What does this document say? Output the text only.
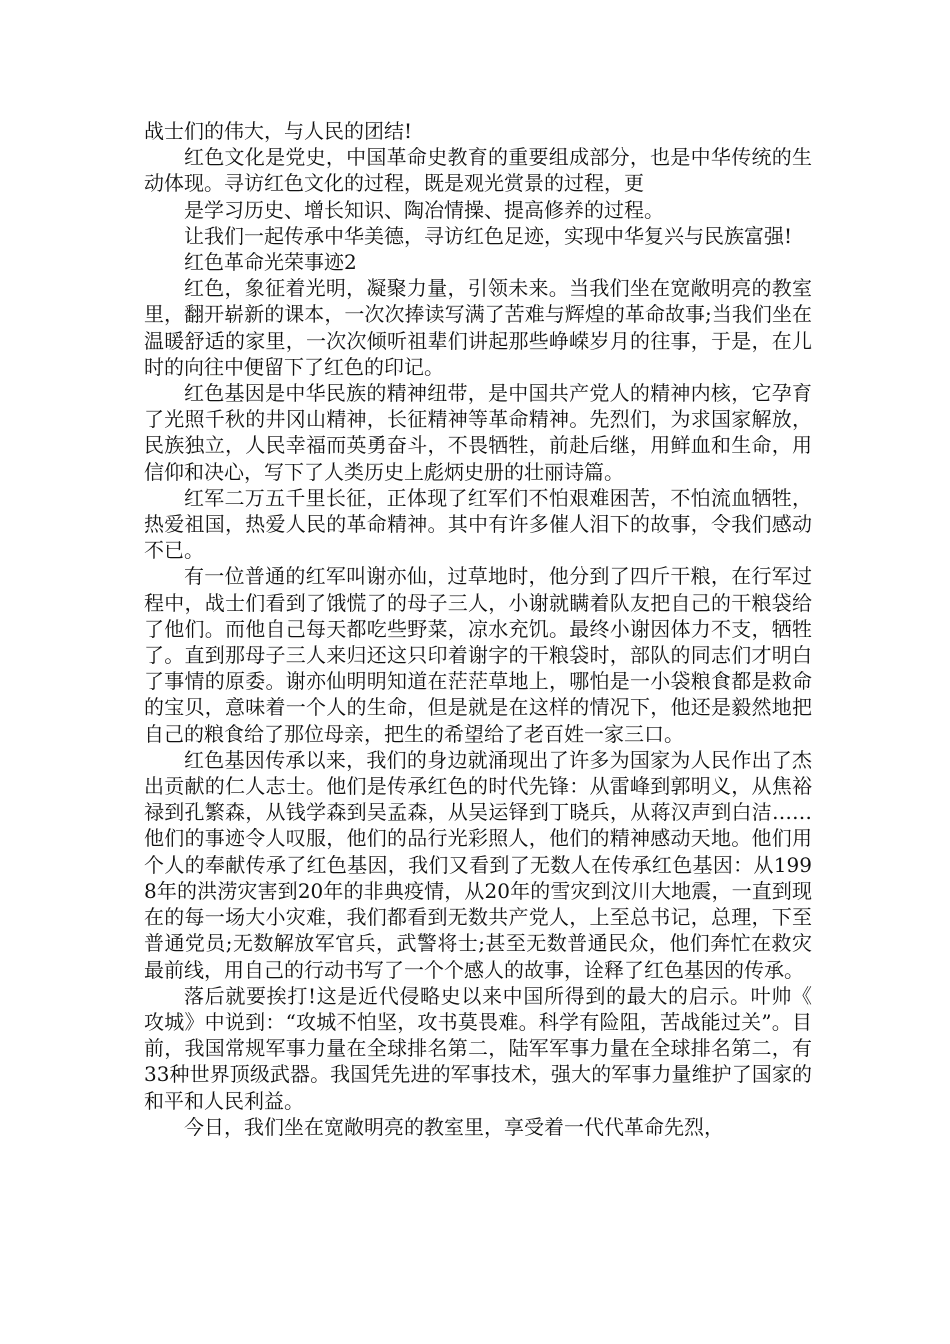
战士们的伟大，与人民的团结!

红色文化是党史，中国革命史教育的重要组成部分，也是中华传统的生动体现。寻访红色文化的过程，既是观光赏景的过程，更

是学习历史、增长知识、陶冶情操、提高修养的过程。

让我们一起传承中华美德，寻访红色足迹，实现中华复兴与民族富强!

红色革命光荣事迹2

红色，象征着光明，凝聚力量，引领未来。当我们坐在宽敞明亮的教室里，翻开崭新的课本，一次次捧读写满了苦难与辉煌的革命故事;当我们坐在温暖舒适的家里，一次次倾听祖辈们讲起那些峥嵘岁月的往事，于是，在儿时的向往中便留下了红色的印记。

红色基因是中华民族的精神纽带，是中国共产党人的精神内核，它孕育了光照千秋的井冈山精神，长征精神等革命精神。先烈们，为求国家解放，民族独立，人民幸福而英勇奋斗，不畏牺牲，前赴后继，用鲜血和生命，用信仰和决心，写下了人类历史上彪炳史册的壮丽诗篇。

红军二万五千里长征，正体现了红军们不怕艰难困苦，不怕流血牺牲，热爱祖国，热爱人民的革命精神。其中有许多催人泪下的故事，令我们感动不已。

有一位普通的红军叫谢亦仙，过草地时，他分到了四斤干粮，在行军过程中，战士们看到了饿慌了的母子三人，小谢就瞒着队友把自己的干粮袋给了他们。而他自己每天都吃些野菜，凉水充饥。最终小谢因体力不支，牺牲了。直到那母子三人来归还这只印着谢字的干粮袋时，部队的同志们才明白了事情的原委。谢亦仙明明知道在茫茫草地上，哪怕是一小袋粮食都是救命的宝贝，意味着一个人的生命，但是就是在这样的情况下，他还是毅然地把自己的粮食给了那位母亲，把生的希望给了老百姓一家三口。

红色基因传承以来，我们的身边就涌现出了许多为国家为人民作出了杰出贡献的仁人志士。他们是传承红色的时代先锋：从雷峰到郭明义，从焦裕禄到孔繁森，从钱学森到吴孟森，从吴运铎到丁晓兵，从蒋汉声到白洁……他们的事迹令人叹服，他们的品行光彩照人，他们的精神感动天地。他们用个人的奉献传承了红色基因，我们又看到了无数人在传承红色基因：从1998年的洪涝灾害到20年的非典疫情，从20年的雪灾到汶川大地震，一直到现在的每一场大小灾难，我们都看到无数共产党人，上至总书记，总理，下至普通党员;无数解放军官兵，武警将士;甚至无数普通民众，他们奔忙在救灾最前线，用自己的行动书写了一个个感人的故事，诠释了红色基因的传承。

落后就要挨打!这是近代侵略史以来中国所得到的最大的启示。叶帅《攻城》中说到：“攻城不怕坚，攻书莫畏难。科学有险阻，苦战能过关”。目前，我国常规军事力量在全球排名第二，陆军军事力量在全球排名第二，有33种世界顶级武器。我国凭先进的军事技术，强大的军事力量维护了国家的和平和人民利益。

今日，我们坐在宽敞明亮的教室里，享受着一代代革命先烈，
